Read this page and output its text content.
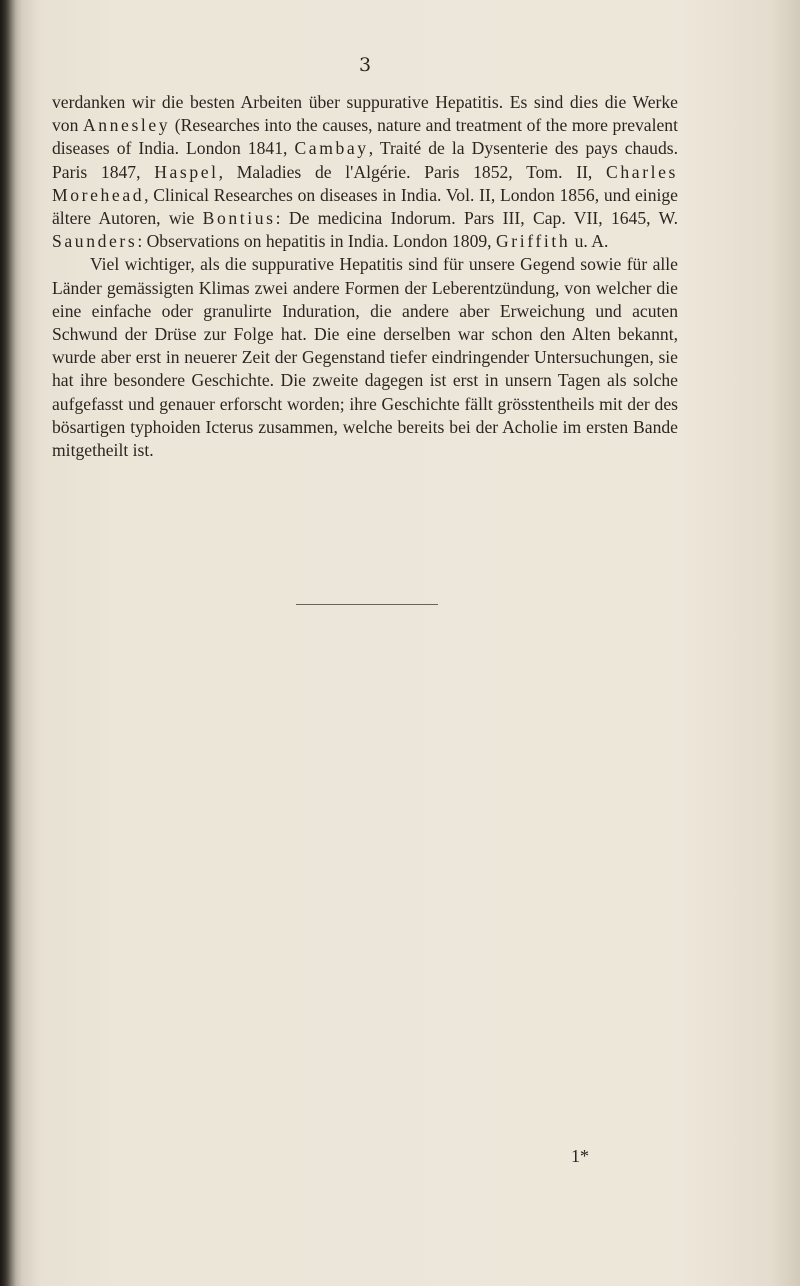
3

verdanken wir die besten Arbeiten über suppurative Hepatitis. Es sind dies die Werke von Annesley (Researches into the causes, nature and treatment of the more prevalent diseases of India. London 1841, Cambay, Traité de la Dysenterie des pays chauds. Paris 1847, Haspel, Maladies de l'Algérie. Paris 1852, Tom. II, Charles Morehead, Clinical Researches on diseases in India. Vol. II, London 1856, und einige ältere Autoren, wie Bontius: De medicina Indorum. Pars III, Cap. VII, 1645, W. Saunders: Observations on hepatitis in India. London 1809, Griffith u. A.

Viel wichtiger, als die suppurative Hepatitis sind für unsere Gegend sowie für alle Länder gemässigten Klimas zwei andere Formen der Leberentzündung, von welcher die eine einfache oder granulirte Induration, die andere aber Erweichung und acuten Schwund der Drüse zur Folge hat. Die eine derselben war schon den Alten bekannt, wurde aber erst in neuerer Zeit der Gegenstand tiefer eindringender Untersuchungen, sie hat ihre besondere Geschichte. Die zweite dagegen ist erst in unsern Tagen als solche aufgefasst und genauer erforscht worden; ihre Geschichte fällt grösstentheils mit der des bösartigen typhoiden Icterus zusammen, welche bereits bei der Acholie im ersten Bande mitgetheilt ist.

1*
